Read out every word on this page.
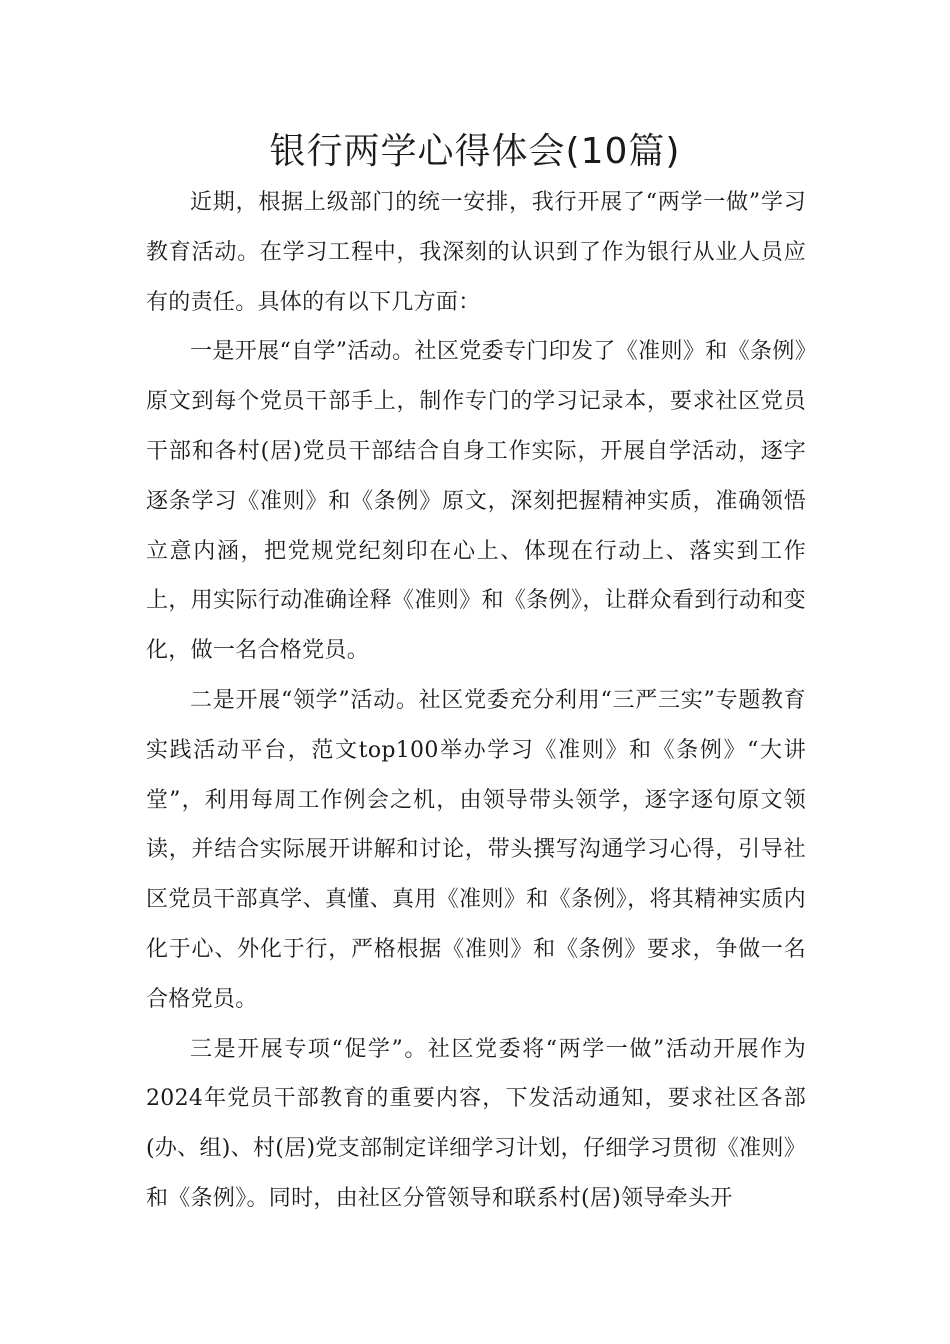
银行两学心得体会(10篇)

近期，根据上级部门的统一安排，我行开展了“两学一做”学习教育活动。在学习工程中，我深刻的认识到了作为银行从业人员应有的责任。具体的有以下几方面：

一是开展“自学”活动。社区党委专门印发了《准则》和《条例》原文到每个党员干部手上，制作专门的学习记录本，要求社区党员干部和各村(居)党员干部结合自身工作实际，开展自学活动，逐字逐条学习《准则》和《条例》原文，深刻把握精神实质，准确领悟立意内涵，把党规党纪刻印在心上、体现在行动上、落实到工作上，用实际行动准确诠释《准则》和《条例》，让群众看到行动和变化，做一名合格党员。

二是开展“领学”活动。社区党委充分利用“三严三实”专题教育实践活动平台，范文top100举办学习《准则》和《条例》“大讲堂”，利用每周工作例会之机，由领导带头领学，逐字逐句原文领读，并结合实际展开讲解和讨论，带头撰写沟通学习心得，引导社区党员干部真学、真懂、真用《准则》和《条例》，将其精神实质内化于心、外化于行，严格根据《准则》和《条例》要求，争做一名合格党员。

三是开展专项“促学”。社区党委将“两学一做”活动开展作为2024年党员干部教育的重要内容，下发活动通知，要求社区各部(办、组)、村(居)党支部制定详细学习计划，仔细学习贯彻《准则》和《条例》。同时，由社区分管领导和联系村(居)领导牵头开
